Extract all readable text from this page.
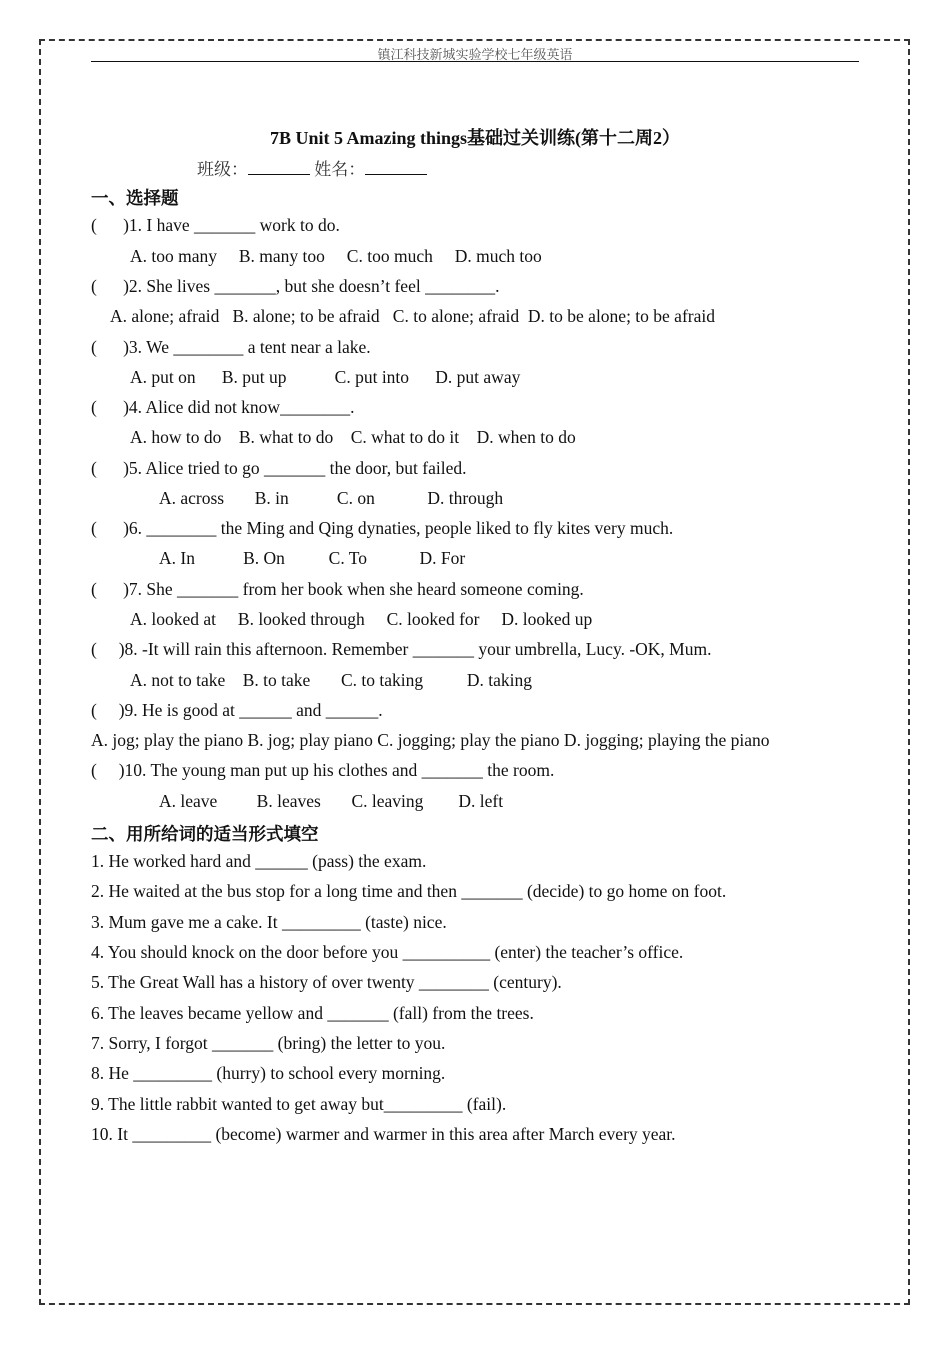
镇江科技新城实验学校七年级英语
7B Unit 5 Amazing things基础过关训练(第十二周2）
班级：	姓名：
一、选择题
(      )1. I have _______ work to do.
A. too many     B. many too     C. too much     D. much too
(      )2. She lives _______, but she doesn’t feel ________.
A. alone; afraid   B. alone; to be afraid   C. to alone; afraid  D. to be alone; to be afraid
(      )3. We ________ a tent near a lake.
A. put on      B. put up           C. put into      D. put away
(      )4. Alice did not know________.
A. how to do    B. what to do    C. what to do it    D. when to do
(      )5. Alice tried to go _______ the door, but failed.
A. across       B. in           C. on            D. through
(      )6. ________ the Ming and Qing dynaties, people liked to fly kites very much.
A. In           B. On          C. To            D. For
(      )7. She _______ from her book when she heard someone coming.
A. looked at     B. looked through     C. looked for     D. looked up
(     )8. -It will rain this afternoon. Remember _______ your umbrella, Lucy. -OK, Mum.
A. not to take    B. to take       C. to taking          D. taking
(     )9. He is good at ______ and ______.
A. jog; play the piano B. jog; play piano C. jogging; play the piano D. jogging; playing the piano
(     )10. The young man put up his clothes and _______ the room.
A. leave         B. leaves       C. leaving        D. left
二、用所给词的适当形式填空
1. He worked hard and ______ (pass) the exam.
2. He waited at the bus stop for a long time and then _______ (decide) to go home on foot.
3. Mum gave me a cake. It _________ (taste) nice.
4. You should knock on the door before you __________ (enter) the teacher’s office.
5. The Great Wall has a history of over twenty ________ (century).
6. The leaves became yellow and _______ (fall) from the trees.
7. Sorry, I forgot _______ (bring) the letter to you.
8. He _________ (hurry) to school every morning.
9. The little rabbit wanted to get away but_________ (fail).
10. It _________ (become) warmer and warmer in this area after March every year.
